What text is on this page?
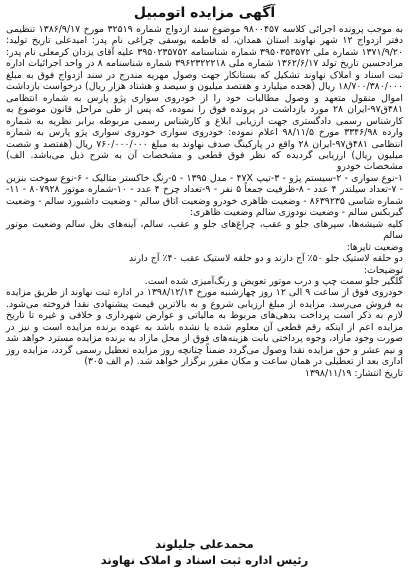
آگهی مزایده اتومبیل

به موجب پرونده اجرائی کلاسه ۹۸۰۰۴۵۷ موضوع سند ازدواج شماره ۳۲۵۱۹ مورخ ۱۳۸۶/۹/۱۷ تنظیمی دفتر ازدواج ۱۲ شهر نهاوند استان همدان، له فاطمه یوسفی چراغی نام پدر: امیدعلی تاریخ تولید: ۱۳۷۱/۹/۲۰ شماره ملی ۳۹۵۰۳۵۳۵۷۲ شماره شناسنامه ۳۹۵۰۲۳۵۷۵۲ علیه آقای یزدان کرمعلی نام پدر: مرادحسین تاریخ تولد ۱۳۶۲/۶/۱۷ شماره ملی ۳۹۶۲۳۲۲۲۱۸ شماره شناسنامه ۸ در واحد اجرائیات اداره ثبت اسناد و املاک نهاوند تشکیل که بستانکار جهت وصول مهریه مندرج در سند ازدواج فوق به مبلغ ۱۸/۷۰۰/۳۸۰/۰۰۰ ریال (هجده میلیارد و هفتصد میلیون و سیصد و هشتاد هزار ریال) درخواست بازداشت اموال منقول متعهد و وصول مطالبات خود را از خودروی سواری پژو پارس به شماره انتظامی ۴۸۱ق۹۷-ایران ۲۸ مورد بازداشت در پرونده فوق را نموده، که پس از طی مراحل قانون موضوع به کارشناس رسمی دادگستری جهت ارزیابی ابلاغ و کارشناس رسمی مربوطه برابر نظریه به شماره وارده ۳۳۴۶/۹۸ مورخ ۹۸/۱۱/۵ اعلام نموده: خودروی سواری خودروی سواری پژو پارس به شماره انتظامی ۴۸۱ق۹۷-ایران ۲۸ واقع در پارکینگ صدف نهاوند به مبلغ ۷۶۰/۰۰۰/۰۰۰ ریال (هفتصد و شصت میلیون ریال) ارزیابی گردیده که نظر فوق قطعی و مشخصات آن به شرح ذیل می‌باشد. الف) مشخصات خودرو

۱-نوع سواری - ۲-سیستم پژو - ۳-تیپ ۴۷X - مدل ۱۳۹۵ - ۵-رنگ خاکستر متالیک - ۶-نوع سوخت بنزین - ۷-تعداد سیلندر ۴ عدد - ۸-ظرفیت جمعاً ۵ نفر - ۹-تعداد چرخ ۴ عدد - ۱۰-شماره موتور ۸۰۷۹۲۸ - ۱۱-شماره شاسی ۸۶۳۹۲۳۵ - وضعیت ظاهری خودرو وضعیت اتاق سالم - وضعیت داشبورد سالم - وضعیت گیربکس سالم - وضعیت نودوزی سالم وضعیت ظاهری:

کلیه شیشه‌ها، سپرهای جلو و عقب، چراغ‌های جلو و عقب، سالم، آینه‌های بغل سالم وضعیت موتور سالم

وضعیت تایرها:

دو حلقه لاستیک جلو ۵۰٪ آج دارند و دو حلقه لاستیک عقب ۴۰٪ آج دارند

توضیحات:

گلگیر جلو سمت چپ و درب موتور تعویض و رنگ‌آمیزی شده است.

خودروی فوق از ساعت ۹ الی ۱۲ روز چهارشنبه مورخ ۱۳۹۸/۱۲/۱۴ در اداره ثبت نهاوند از طریق مزایده به فروش می‌رسد. مزایده از مبلغ ارزیابی شروع و به بالاترین قیمت پیشنهادی نقدا فروخته می‌شود. لازم به ذکر است پرداخت بدهی‌های مربوط به مالیاتی و عوارض شهرداری و خلافی و غیره تا تاریخ مزایده اعم از اینکه رقم قطعی آن معلوم شده یا نشده باشد به عهده برنده مزایده است و نیز در صورت وجود مازاد، وجوه پرداختی بابت هزینه‌های فوق از محل مازاد به برنده مزایده مسترد خواهد شد و نیم عشر و حق مزایده نقدا وصول می‌گردد ضمناً چنانچه روز مزایده تعطیل رسمی گردد، مزایده روز اداری بعد از تعطیلی در همان ساعت و مکان مقرر برگزار خواهد شد. (م الف ۳۰۵)

تاریخ انتشار: ۱۳۹۸/۱۱/۱۹

محمدعلی جلیلوند
رئیس اداره ثبت اسناد و املاک نهاوند
